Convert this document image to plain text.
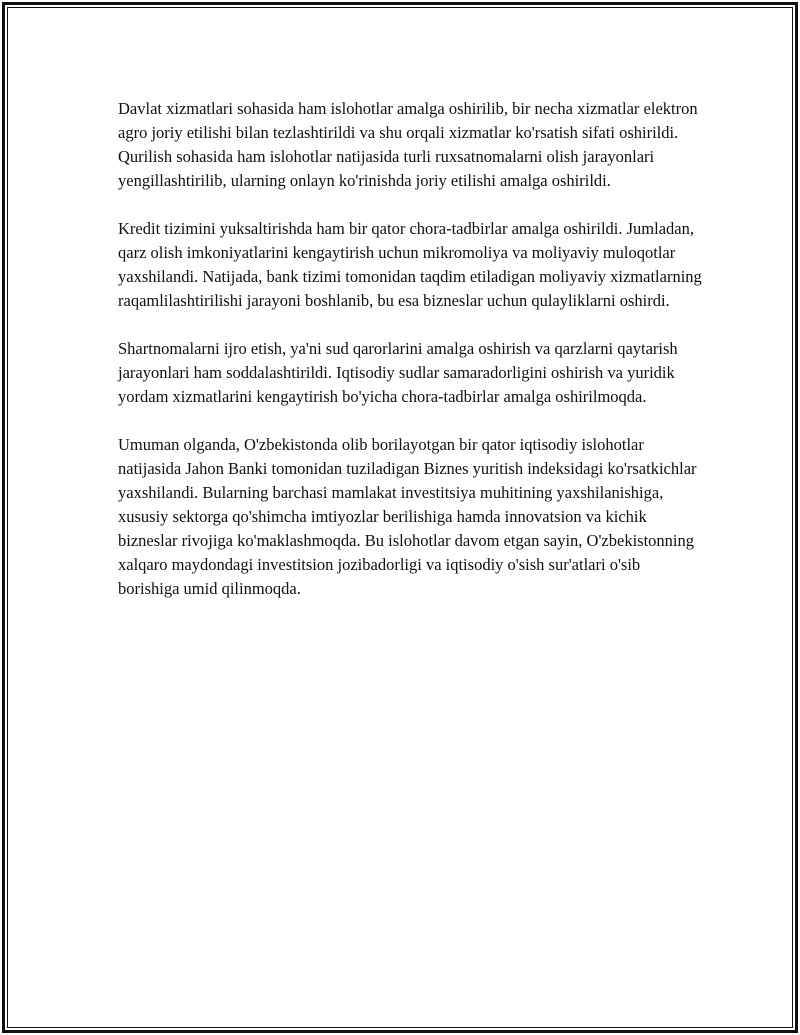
Davlat xizmatlari sohasida ham islohotlar amalga oshirilib, bir necha xizmatlar elektron agro joriy etilishi bilan tezlashtirildi va shu orqali xizmatlar ko'rsatish sifati oshirildi. Qurilish sohasida ham islohotlar natijasida turli ruxsatnomalarni olish jarayonlari yengillashtirilib, ularning onlayn ko'rinishda joriy etilishi amalga oshirildi.

Kredit tizimini yuksaltirishda ham bir qator chora-tadbirlar amalga oshirildi. Jumladan, qarz olish imkoniyatlarini kengaytirish uchun mikromoliya va moliyaviy muloqotlar yaxshilandi. Natijada, bank tizimi tomonidan taqdim etiladigan moliyaviy xizmatlarning raqamlilashtirilishi jarayoni boshlanib, bu esa bizneslar uchun qulayliklarni oshirdi.

Shartnomalarni ijro etish, ya'ni sud qarorlarini amalga oshirish va qarzlarni qaytarish jarayonlari ham soddalashtirildi. Iqtisodiy sudlar samaradorligini oshirish va yuridik yordam xizmatlarini kengaytirish bo'yicha chora-tadbirlar amalga oshirilmoqda.

Umuman olganda, O'zbekistonda olib borilayotgan bir qator iqtisodiy islohotlar natijasida Jahon Banki tomonidan tuziladigan Biznes yuritish indeksidagi ko'rsatkichlar yaxshilandi. Bularning barchasi mamlakat investitsiya muhitining yaxshilanishiga, xususiy sektorga qo'shimcha imtiyozlar berilishiga hamda innovatsion va kichik bizneslar rivojiga ko'maklashmoqda. Bu islohotlar davom etgan sayin, O'zbekistonning xalqaro maydondagi investitsion jozibadorligi va iqtisodiy o'sish sur'atlari o'sib borishiga umid qilinmoqda.
